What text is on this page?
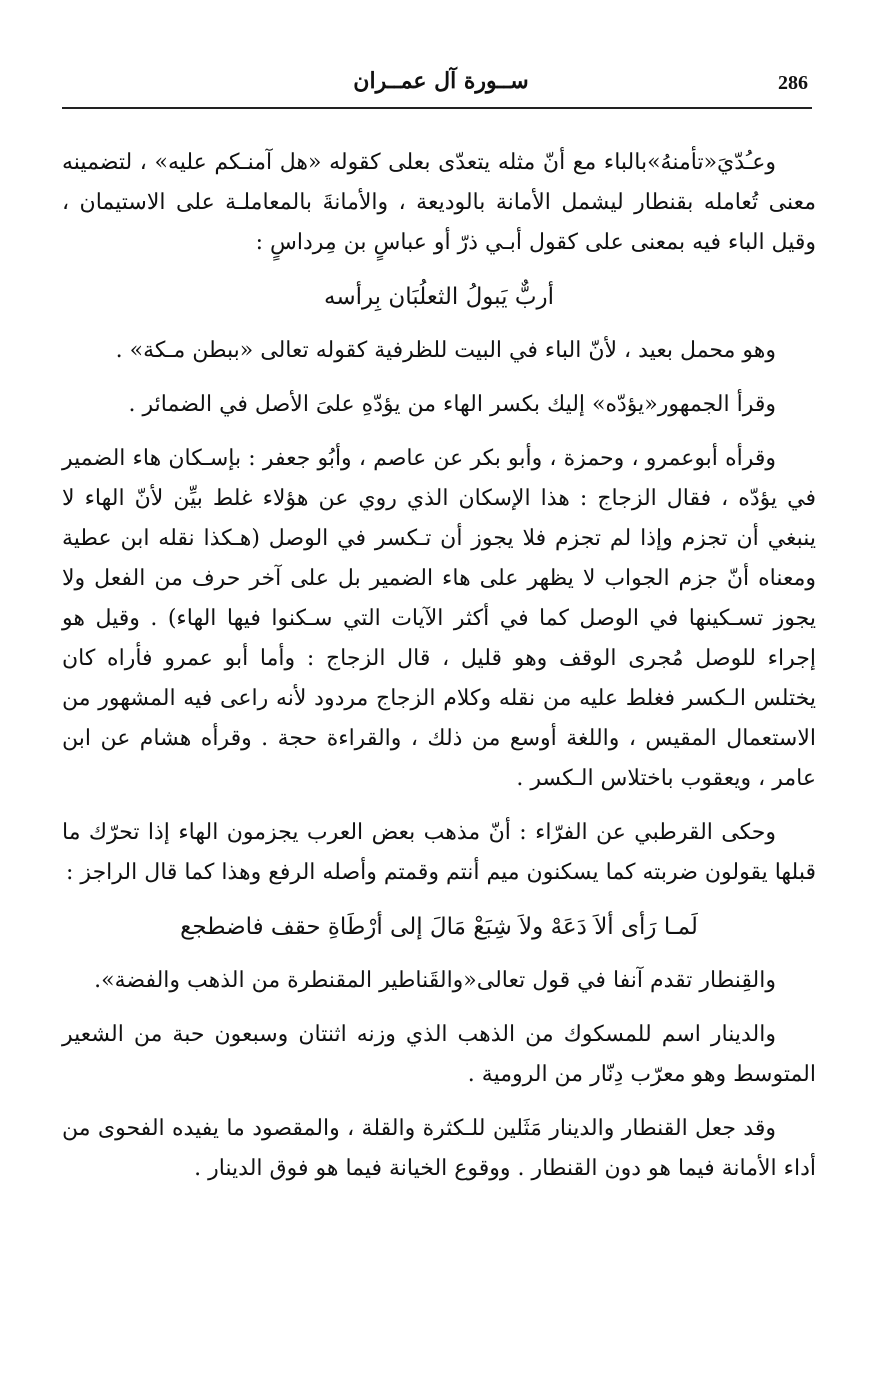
286
ســورة آل عمــران

وعـُدّيَ«تأمنهُ»بالباء مع أنّ مثله يتعدّى بعلى كقوله «هل آمنـكم عليه» ، لتضمينه معنى تُعامله بقنطار ليشمل الأمانة بالوديعة ، والأمانةَ بالمعاملـة على الاستيمان ، وقيل الباء فيه بمعنى على كقول أبـي ذرّ أو عباسٍ بن مِرداسٍ :

أربٌّ يَبولُ الثعلُبَان بِرأسه

وهو محمل بعيد ، لأنّ الباء في البيت للظرفية كقوله تعالى «ببطن مـكة» .

وقرأ الجمهور«يؤدّه» إليك بكسر الهاء من يؤدّهِ علىَ الأصل في الضمائر .

وقرأه أبوعمرو ، وحمزة ، وأبو بكر عن عاصم ، وأبُو جعفر : بإسـكان هاء الضمير في يؤدّه ، فقال الزجاج : هذا الإسكان الذي روي عن هؤلاء غلط بيِّن لأنّ الهاء لا ينبغي أن تجزم وإذا لم تجزم فلا يجوز أن تـكسر في الوصل (هـكذا نقله ابن عطية ومعناه أنّ جزم الجواب لا يظهر على هاء الضمير بل على آخر حرف من الفعل ولا يجوز تسـكينها في الوصل كما في أكثر الآيات التي سـكنوا فيها الهاء) . وقيل هو إجراء للوصل مُجرى الوقف وهو قليل ، قال الزجاج : وأما أبو عمرو فأراه كان يختلس الـكسر فغلط عليه من نقله وكلام الزجاج مردود لأنه راعى فيه المشهور من الاستعمال المقيس ، واللغة أوسع من ذلك ، والقراءة حجة . وقرأه هشام عن ابن عامر ، ويعقوب باختلاس الـكسر .

وحكى القرطبي عن الفرّاء : أنّ مذهب بعض العرب يجزمون الهاء إذا تحرّك ما قبلها يقولون ضربته كما يسكنون ميم أنتم وقمتم وأصله الرفع وهذا كما قال الراجز :

لَمـا رَأى ألاَ دَعَهْ ولاَ شِبَعْ مَالَ إلى أرْطَاةِ حقف فاضطجع

والقِنطار تقدم آنفا في قول تعالى«والقَناطير المقنطرة من الذهب والفضة».

والدينار اسم للمسكوك من الذهب الذي وزنه اثنتان وسبعون حبة من الشعير المتوسط وهو معرّب دِنّار من الرومية .

وقد جعل القنطار والدينار مَثَلين للـكثرة والقلة ، والمقصود ما يفيده الفحوى من أداء الأمانة فيما هو دون القنطار . ووقوع الخيانة فيما هو فوق الدينار .
